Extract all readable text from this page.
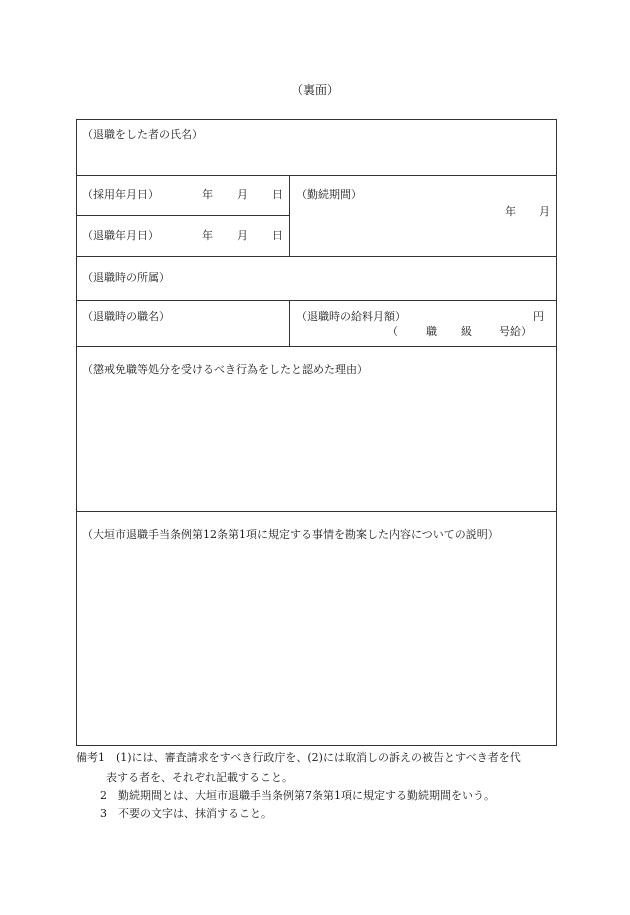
（裏面）
（退職をした者の氏名）
（採用年月日）	年 月 日
（退職年月日）	年 月 日
（勤続期間）
年 月
（退職時の所属）
（退職時の職名）	（退職時の給料月額）	円
（	職 級 号給）
（懲戒免職等処分を受けるべき行為をしたと認めた理由）
（大垣市退職手当条例第12条第1項に規定する事情を勘案した内容についての説明）
備考1　(1)には、審査請求をすべき行政庁を、(2)には取消しの訴えの被告とすべき者を代
表する者を、それぞれ記載すること。
2　勤続期間とは、大垣市退職手当条例第7条第1項に規定する勤続期間をいう。
3　不要の文字は、抹消すること。
